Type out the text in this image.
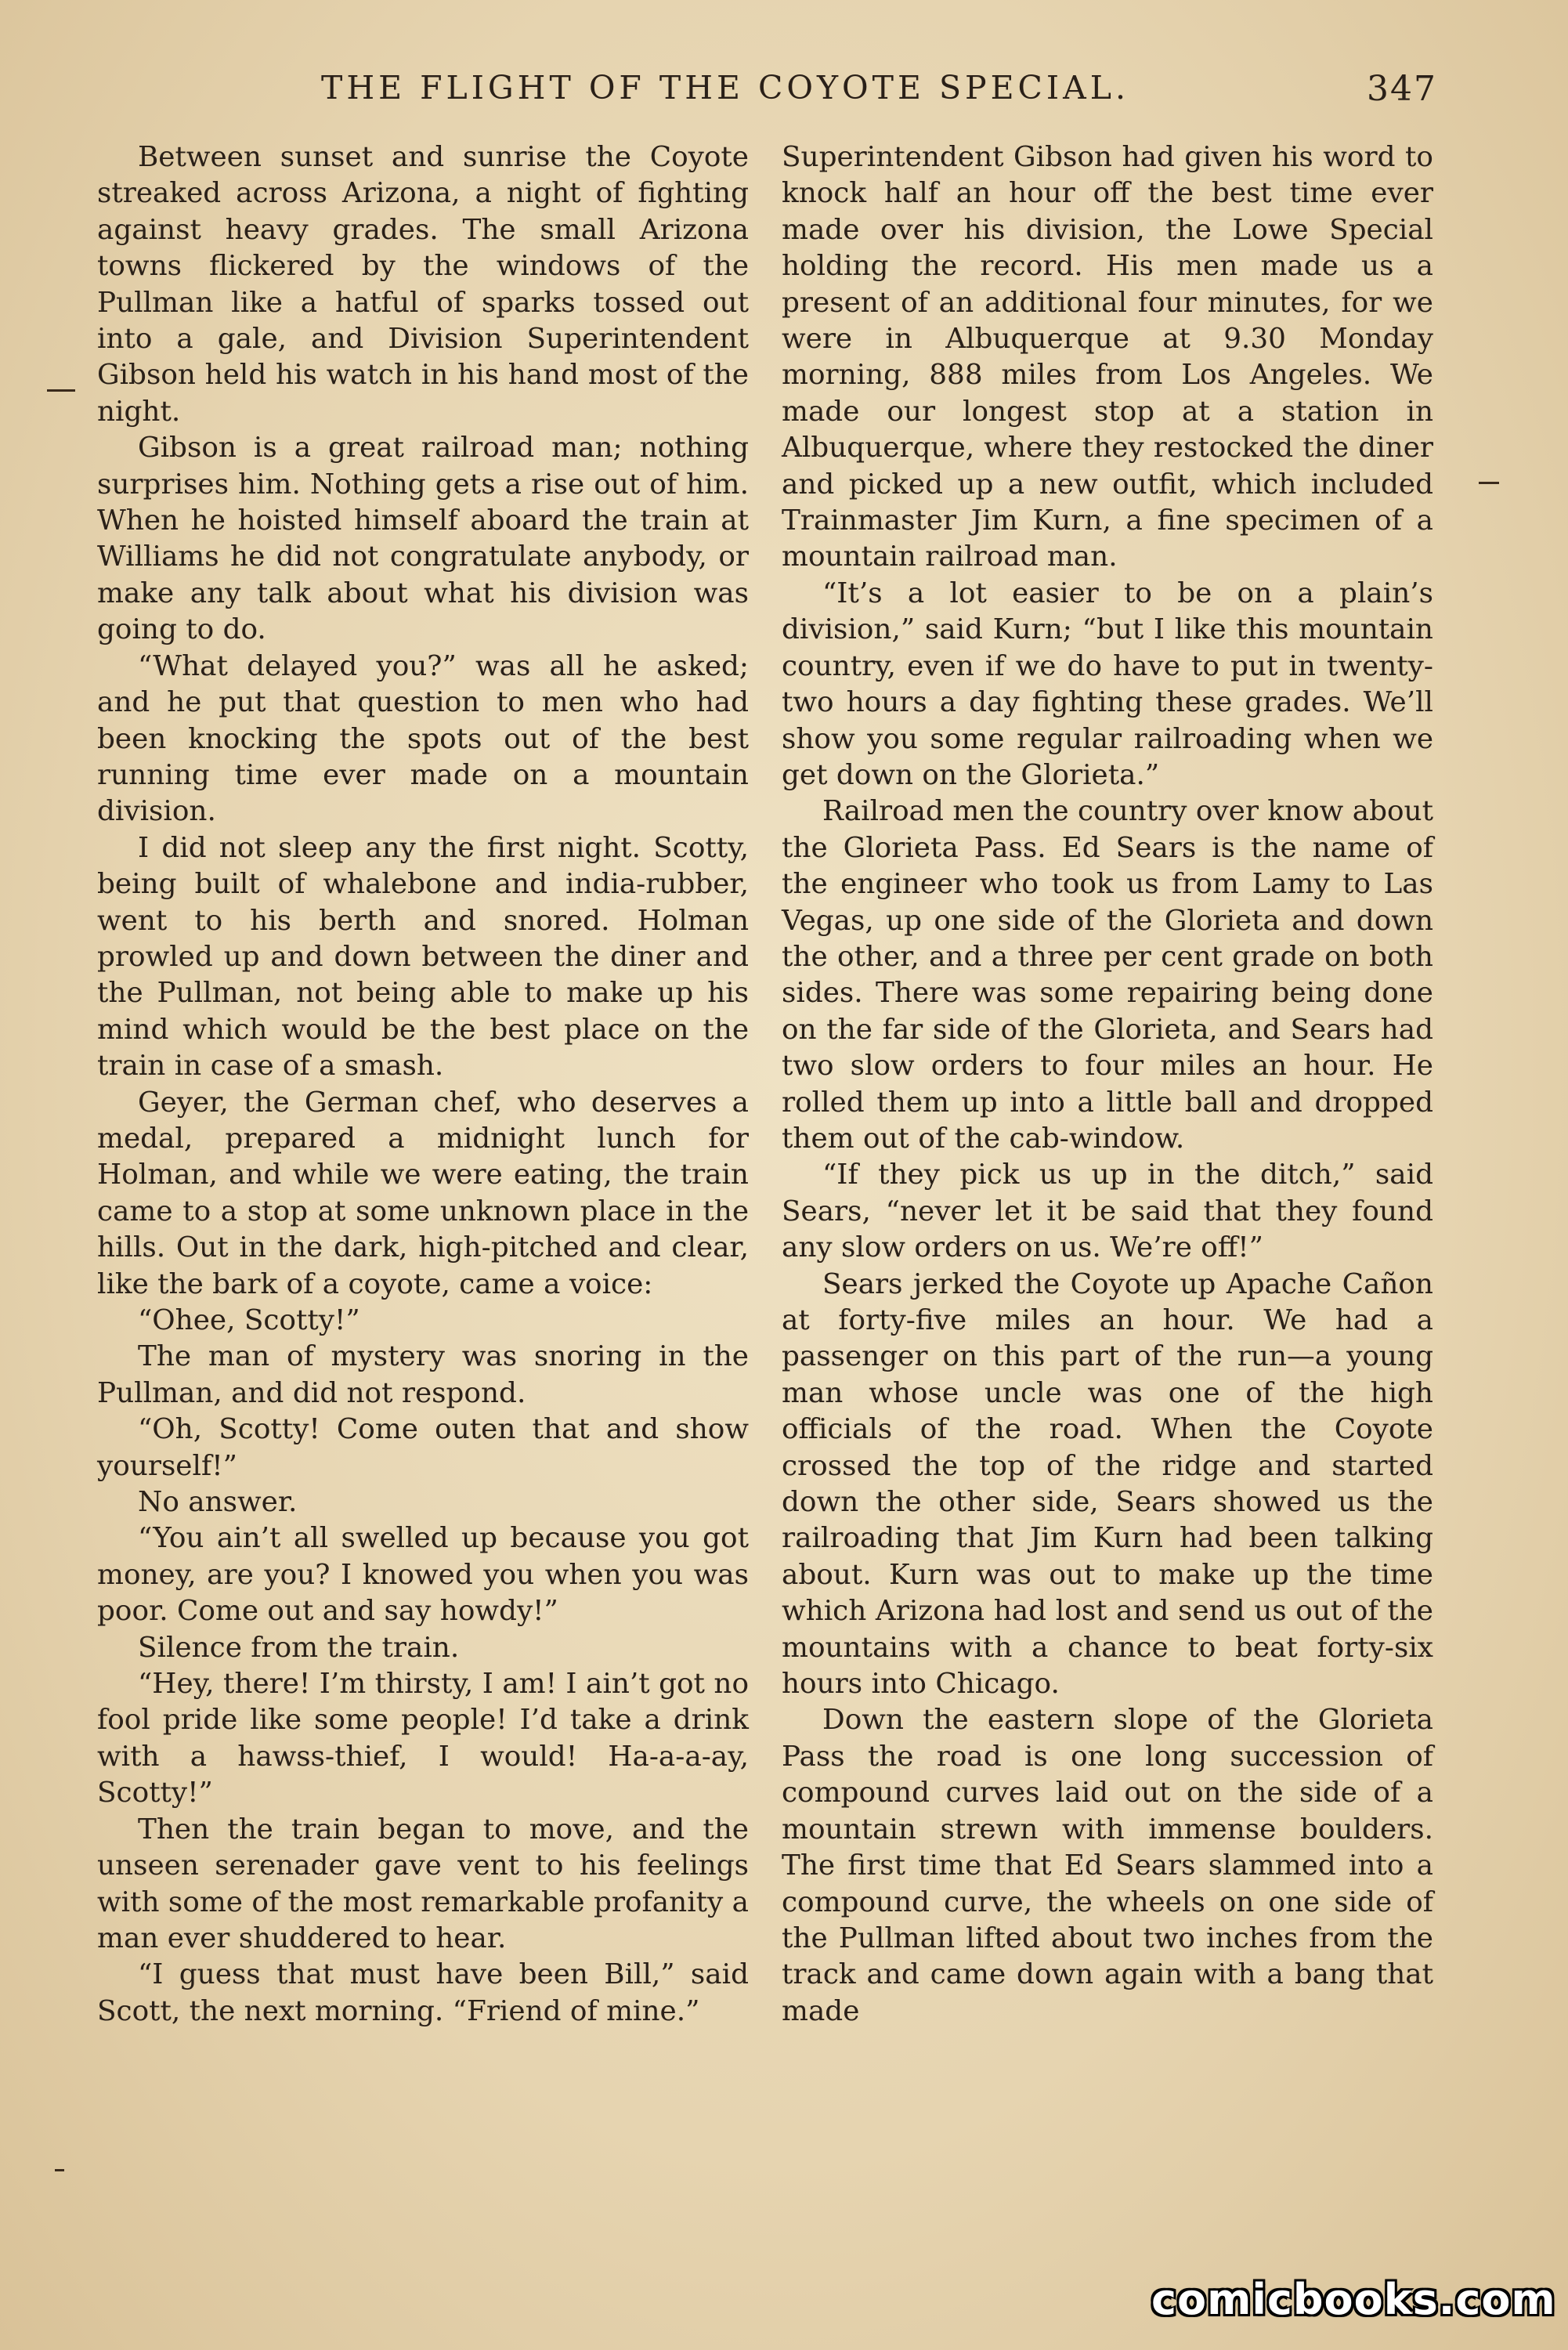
THE FLIGHT OF THE COYOTE SPECIAL.	347

Between sunset and sunrise the Coyote streaked across Arizona, a night of fighting against heavy grades. The small Arizona towns flickered by the windows of the Pullman like a hatful of sparks tossed out into a gale, and Division Superintendent Gibson held his watch in his hand most of the night.

Gibson is a great railroad man; nothing surprises him. Nothing gets a rise out of him. When he hoisted himself aboard the train at Williams he did not congratulate anybody, or make any talk about what his division was going to do.

“What delayed you?” was all he asked; and he put that question to men who had been knocking the spots out of the best running time ever made on a mountain division.

I did not sleep any the first night. Scotty, being built of whalebone and india-rubber, went to his berth and snored. Holman prowled up and down between the diner and the Pullman, not being able to make up his mind which would be the best place on the train in case of a smash.

Geyer, the German chef, who deserves a medal, prepared a midnight lunch for Holman, and while we were eating, the train came to a stop at some unknown place in the hills. Out in the dark, high-pitched and clear, like the bark of a coyote, came a voice:

“Ohee, Scotty!”

The man of mystery was snoring in the Pullman, and did not respond.

“Oh, Scotty! Come outen that and show yourself!”

No answer.

“You ain’t all swelled up because you got money, are you? I knowed you when you was poor. Come out and say howdy!”

Silence from the train.

“Hey, there! I’m thirsty, I am! I ain’t got no fool pride like some people! I’d take a drink with a hawss-thief, I would! Ha-a-a-ay, Scotty!”

Then the train began to move, and the unseen serenader gave vent to his feelings with some of the most remarkable profanity a man ever shuddered to hear.

“I guess that must have been Bill,” said Scott, the next morning. “Friend of mine.”

Superintendent Gibson had given his word to knock half an hour off the best time ever made over his division, the Lowe Special holding the record. His men made us a present of an additional four minutes, for we were in Albuquerque at 9.30 Monday morning, 888 miles from Los Angeles. We made our longest stop at a station in Albuquerque, where they restocked the diner and picked up a new outfit, which included Trainmaster Jim Kurn, a fine specimen of a mountain railroad man.

“It’s a lot easier to be on a plain’s division,” said Kurn; “but I like this mountain country, even if we do have to put in twenty-two hours a day fighting these grades. We’ll show you some regular railroading when we get down on the Glorieta.”

Railroad men the country over know about the Glorieta Pass. Ed Sears is the name of the engineer who took us from Lamy to Las Vegas, up one side of the Glorieta and down the other, and a three per cent grade on both sides. There was some repairing being done on the far side of the Glorieta, and Sears had two slow orders to four miles an hour. He rolled them up into a little ball and dropped them out of the cab-window.

“If they pick us up in the ditch,” said Sears, “never let it be said that they found any slow orders on us. We’re off!”

Sears jerked the Coyote up Apache Cañon at forty-five miles an hour. We had a passenger on this part of the run—a young man whose uncle was one of the high officials of the road. When the Coyote crossed the top of the ridge and started down the other side, Sears showed us the railroading that Jim Kurn had been talking about. Kurn was out to make up the time which Arizona had lost and send us out of the mountains with a chance to beat forty-six hours into Chicago.

Down the eastern slope of the Glorieta Pass the road is one long succession of compound curves laid out on the side of a mountain strewn with immense boulders. The first time that Ed Sears slammed into a compound curve, the wheels on one side of the Pullman lifted about two inches from the track and came down again with a bang that made

comicbooks.com
